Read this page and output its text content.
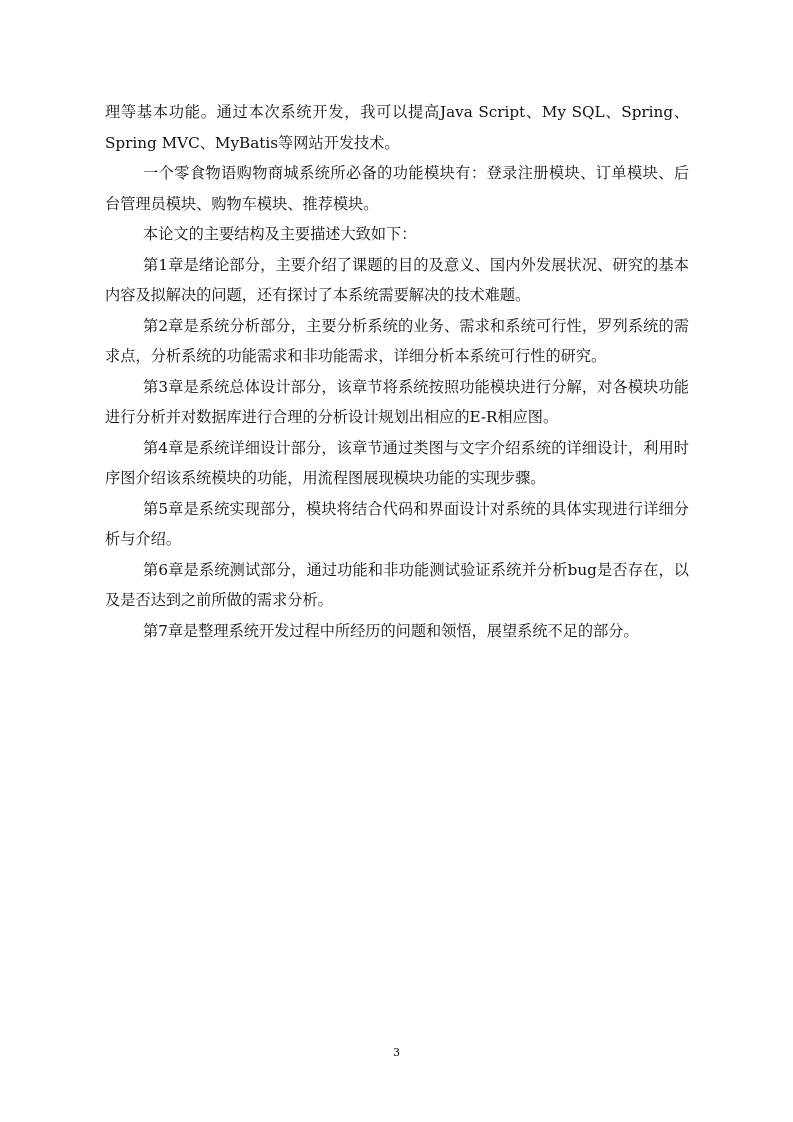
理等基本功能。通过本次系统开发，我可以提高Java Script、My SQL、Spring、Spring MVC、MyBatis等网站开发技术。

一个零食物语购物商城系统所必备的功能模块有：登录注册模块、订单模块、后台管理员模块、购物车模块、推荐模块。

本论文的主要结构及主要描述大致如下：

第1章是绪论部分，主要介绍了课题的目的及意义、国内外发展状况、研究的基本内容及拟解决的问题，还有探讨了本系统需要解决的技术难题。

第2章是系统分析部分，主要分析系统的业务、需求和系统可行性，罗列系统的需求点，分析系统的功能需求和非功能需求，详细分析本系统可行性的研究。

第3章是系统总体设计部分，该章节将系统按照功能模块进行分解，对各模块功能进行分析并对数据库进行合理的分析设计规划出相应的E-R相应图。

第4章是系统详细设计部分，该章节通过类图与文字介绍系统的详细设计，利用时序图介绍该系统模块的功能，用流程图展现模块功能的实现步骤。

第5章是系统实现部分，模块将结合代码和界面设计对系统的具体实现进行详细分析与介绍。

第6章是系统测试部分，通过功能和非功能测试验证系统并分析bug是否存在，以及是否达到之前所做的需求分析。

第7章是整理系统开发过程中所经历的问题和领悟，展望系统不足的部分。

3
